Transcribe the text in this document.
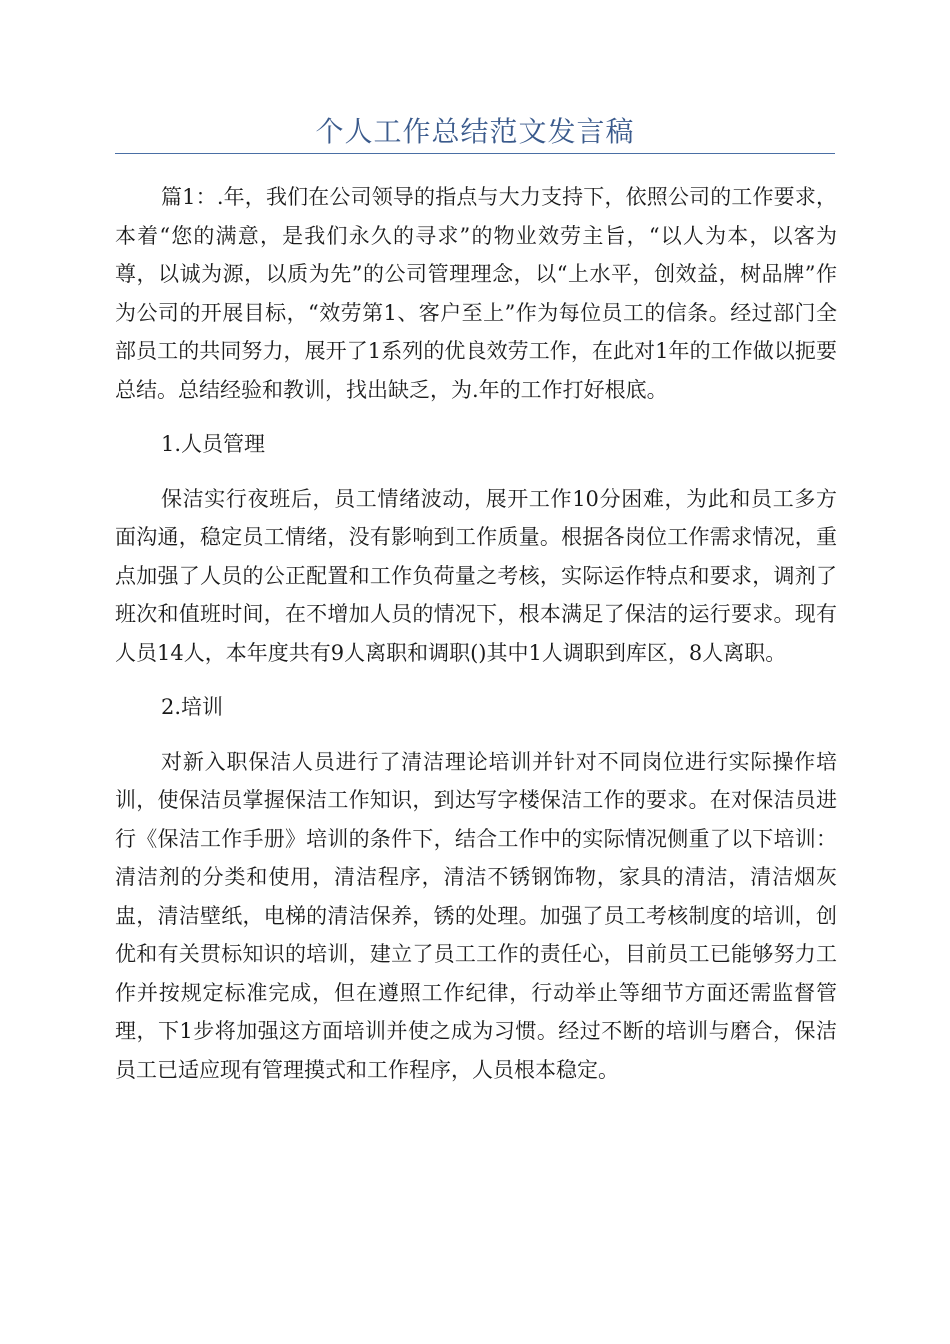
个人工作总结范文发言稿

篇1：.年，我们在公司领导的指点与大力支持下，依照公司的工作要求，本着“您的满意，是我们永久的寻求”的物业效劳主旨，“以人为本，以客为尊，以诚为源，以质为先”的公司管理理念，以“上水平，创效益，树品牌”作为公司的开展目标，“效劳第1、客户至上”作为每位员工的信条。经过部门全部员工的共同努力，展开了1系列的优良效劳工作，在此对1年的工作做以扼要总结。总结经验和教训，找出缺乏，为.年的工作打好根底。

1.人员管理

保洁实行夜班后，员工情绪波动，展开工作10分困难，为此和员工多方面沟通，稳定员工情绪，没有影响到工作质量。根据各岗位工作需求情况，重点加强了人员的公正配置和工作负荷量之考核，实际运作特点和要求，调剂了班次和值班时间，在不增加人员的情况下，根本满足了保洁的运行要求。现有人员14人，本年度共有9人离职和调职()其中1人调职到库区，8人离职。

2.培训

对新入职保洁人员进行了清洁理论培训并针对不同岗位进行实际操作培训，使保洁员掌握保洁工作知识，到达写字楼保洁工作的要求。在对保洁员进行《保洁工作手册》培训的条件下，结合工作中的实际情况侧重了以下培训：清洁剂的分类和使用，清洁程序，清洁不锈钢饰物，家具的清洁，清洁烟灰盅，清洁壁纸，电梯的清洁保养，锈的处理。加强了员工考核制度的培训，创优和有关贯标知识的培训，建立了员工工作的责任心，目前员工已能够努力工作并按规定标准完成，但在遵照工作纪律，行动举止等细节方面还需监督管理，下1步将加强这方面培训并使之成为习惯。经过不断的培训与磨合，保洁员工已适应现有管理摸式和工作程序，人员根本稳定。
